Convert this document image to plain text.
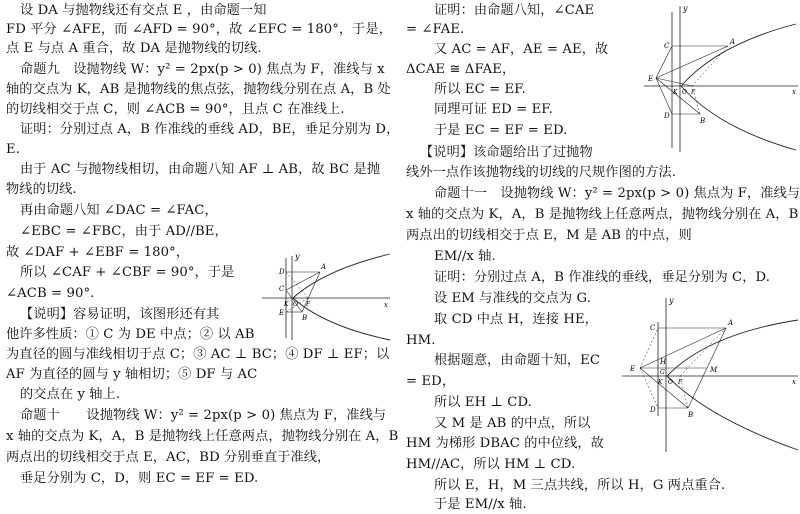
设 DA 与抛物线还有交点 E ，由命题一知
FD 平分 ∠AFE，而 ∠AFD = 90°，故 ∠EFC = 180°，于是，
点 E 与点 A 重合，故 DA 是抛物线的切线.
命题九　设抛物线 W：y² = 2px(p > 0) 焦点为 F，准线与 x
轴的交点为 K，AB 是抛物线的焦点弦，抛物线分别在点 A，B 处
的切线相交于点 C，则 ∠ACB = 90°，且点 C 在准线上.
证明：分别过点 A，B 作准线的垂线 AD，BE，垂足分别为 D，
E.
由于 AC 与抛物线相切，由命题八知 AF ⊥ AB，故 BC 是抛
物线的切线.
再由命题八知 ∠DAC = ∠FAC，
∠EBC = ∠FBC，由于 AD//BE，
故 ∠DAF + ∠EBF = 180°，
所以 ∠CAF + ∠CBF = 90°，于是
∠ACB = 90°.
【说明】容易证明，该图形还有其
他许多性质：① C 为 DE 中点；② 以 AB
为直径的圆与准线相切于点 C；③ AC ⊥ BC；④ DF ⊥ EF；以
AF 为直径的圆与 y 轴相切；⑤ DF 与 AC
的交点在 y 轴上.
命题十　　设抛物线 W：y² = 2px(p > 0) 焦点为 F，准线与
x 轴的交点为 K，A，B 是抛物线上任意两点，抛物线分别在 A，B
两点出的切线相交于点 E，AC，BD 分别垂直于准线，
垂足分别为 C，D，则 EC = EF = ED.
y
A
D
C
K O F
E
B
x
证明：由命题八知，∠CAE
= ∠FAE.
又 AC = AF，AE = AE，故
ΔCAE ≅ ΔFAE，
所以 EC = EF.
同理可证 ED = EF.
于是 EC = EF = ED.
【说明】该命题给出了过抛物
线外一点作该抛物线的切线的尺规作图的方法.
命题十一　设抛物线 W：y² = 2px(p > 0) 焦点为 F，准线与
x 轴的交点为 K，A，B 是抛物线上任意两点，抛物线分别在 A，B
两点出的切线相交于点 E，M 是 AB 的中点，则
EM//x 轴.
证明：分别过点 A，B 作准线的垂线，垂足分别为 C，D.
设 EM 与准线的交点为 G.
取 CD 中点 H，连接 HE，
HM.
根据题意，由命题十知，EC
= ED，
所以 EH ⊥ CD.
又 M 是 AB 的中点，所以
HM 为梯形 DBAC 的中位线，故
HM//AC，所以 HM ⊥ CD.
所以 E，H，M 三点共线，所以 H，G 两点重合.
于是 EM//x 轴.
y
C	A
E
K O F	x
D
B
y
C
A
H
G
E
K O F
M
x
D
B
